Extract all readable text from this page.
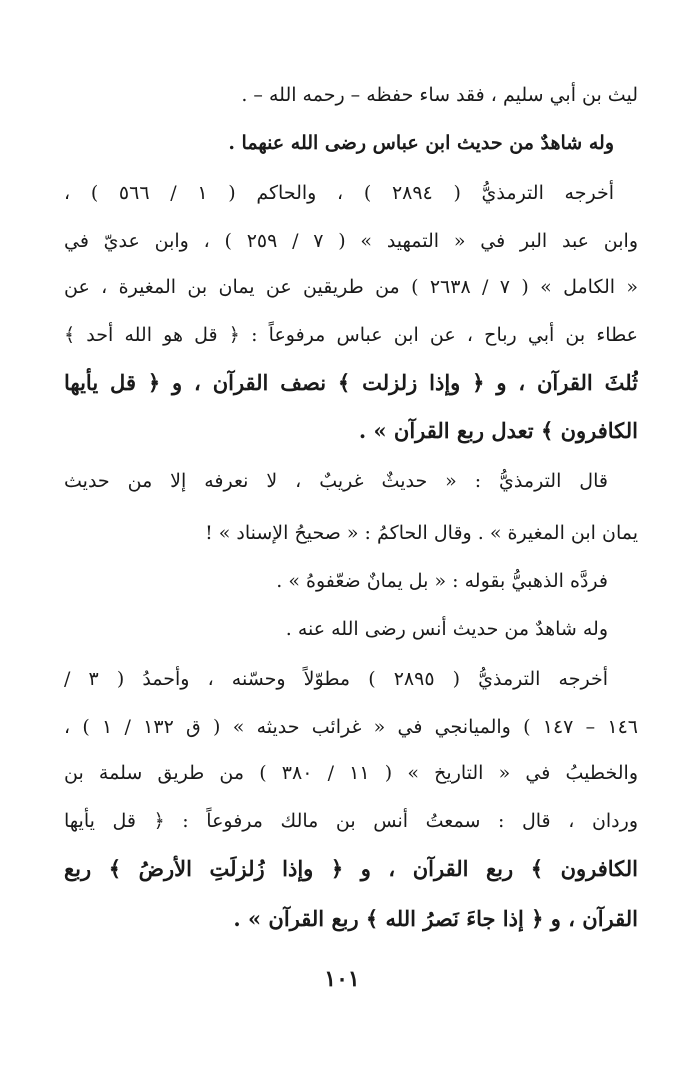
ليث بن أبي سليم ، فقد ساء حفظه – رحمه الله – .
وله شاهدٌ من حديث ابن عباس رضى الله عنهما .
أخرجه الترمذيُّ ( ٢٨٩٤ ) ، والحاكم ( ١ / ٥٦٦ ) ،
وابن عبد البر في « التمهيد » ( ٧ / ٢٥٩ ) ، وابن عديّ في
« الكامل » ( ٧ / ٢٦٣٨ ) من طريقين عن يمان بن المغيرة ، عن
عطاء بن أبي رباح ، عن ابن عباس مرفوعاً : ﴿ قل هو الله أحد ﴾
ثُلثَ القرآن ، و ﴿ وإذا زلزلت ﴾ نصف القرآن ، و ﴿ قل يأيها
الكافرون ﴾ تعدل ربع القرآن » .
قال الترمذيُّ : « حديثٌ غريبٌ ، لا نعرفه إلا من حديث
يمان ابن المغيرة » . وقال الحاكمُ : « صحيحُ الإسناد » !
فردَّه الذهبيُّ بقوله : « بل يمانٌ ضعّفوهُ » .
وله شاهدٌ من حديث أنس رضى الله عنه .
أخرجه الترمذيُّ ( ٢٨٩٥ ) مطوّلاً وحسّنه ، وأحمدُ ( ٣ /
١٤٦ – ١٤٧ ) والميانجي في « غرائب حديثه » ( ق ١٣٢ / ١ ) ،
والخطيبُ في « التاريخ » ( ١١ / ٣٨٠ ) من طريق سلمة بن
وردان ، قال : سمعتُ أنس بن مالك مرفوعاً : ﴿ قل يأيها
الكافرون ﴾ ربع القرآن ، و ﴿ وإذا زُلزلَتِ الأرضُ ﴾ ربع
القرآن ، و ﴿ إذا جاءَ نَصرُ الله ﴾ ربع القرآن » .
١٠١
